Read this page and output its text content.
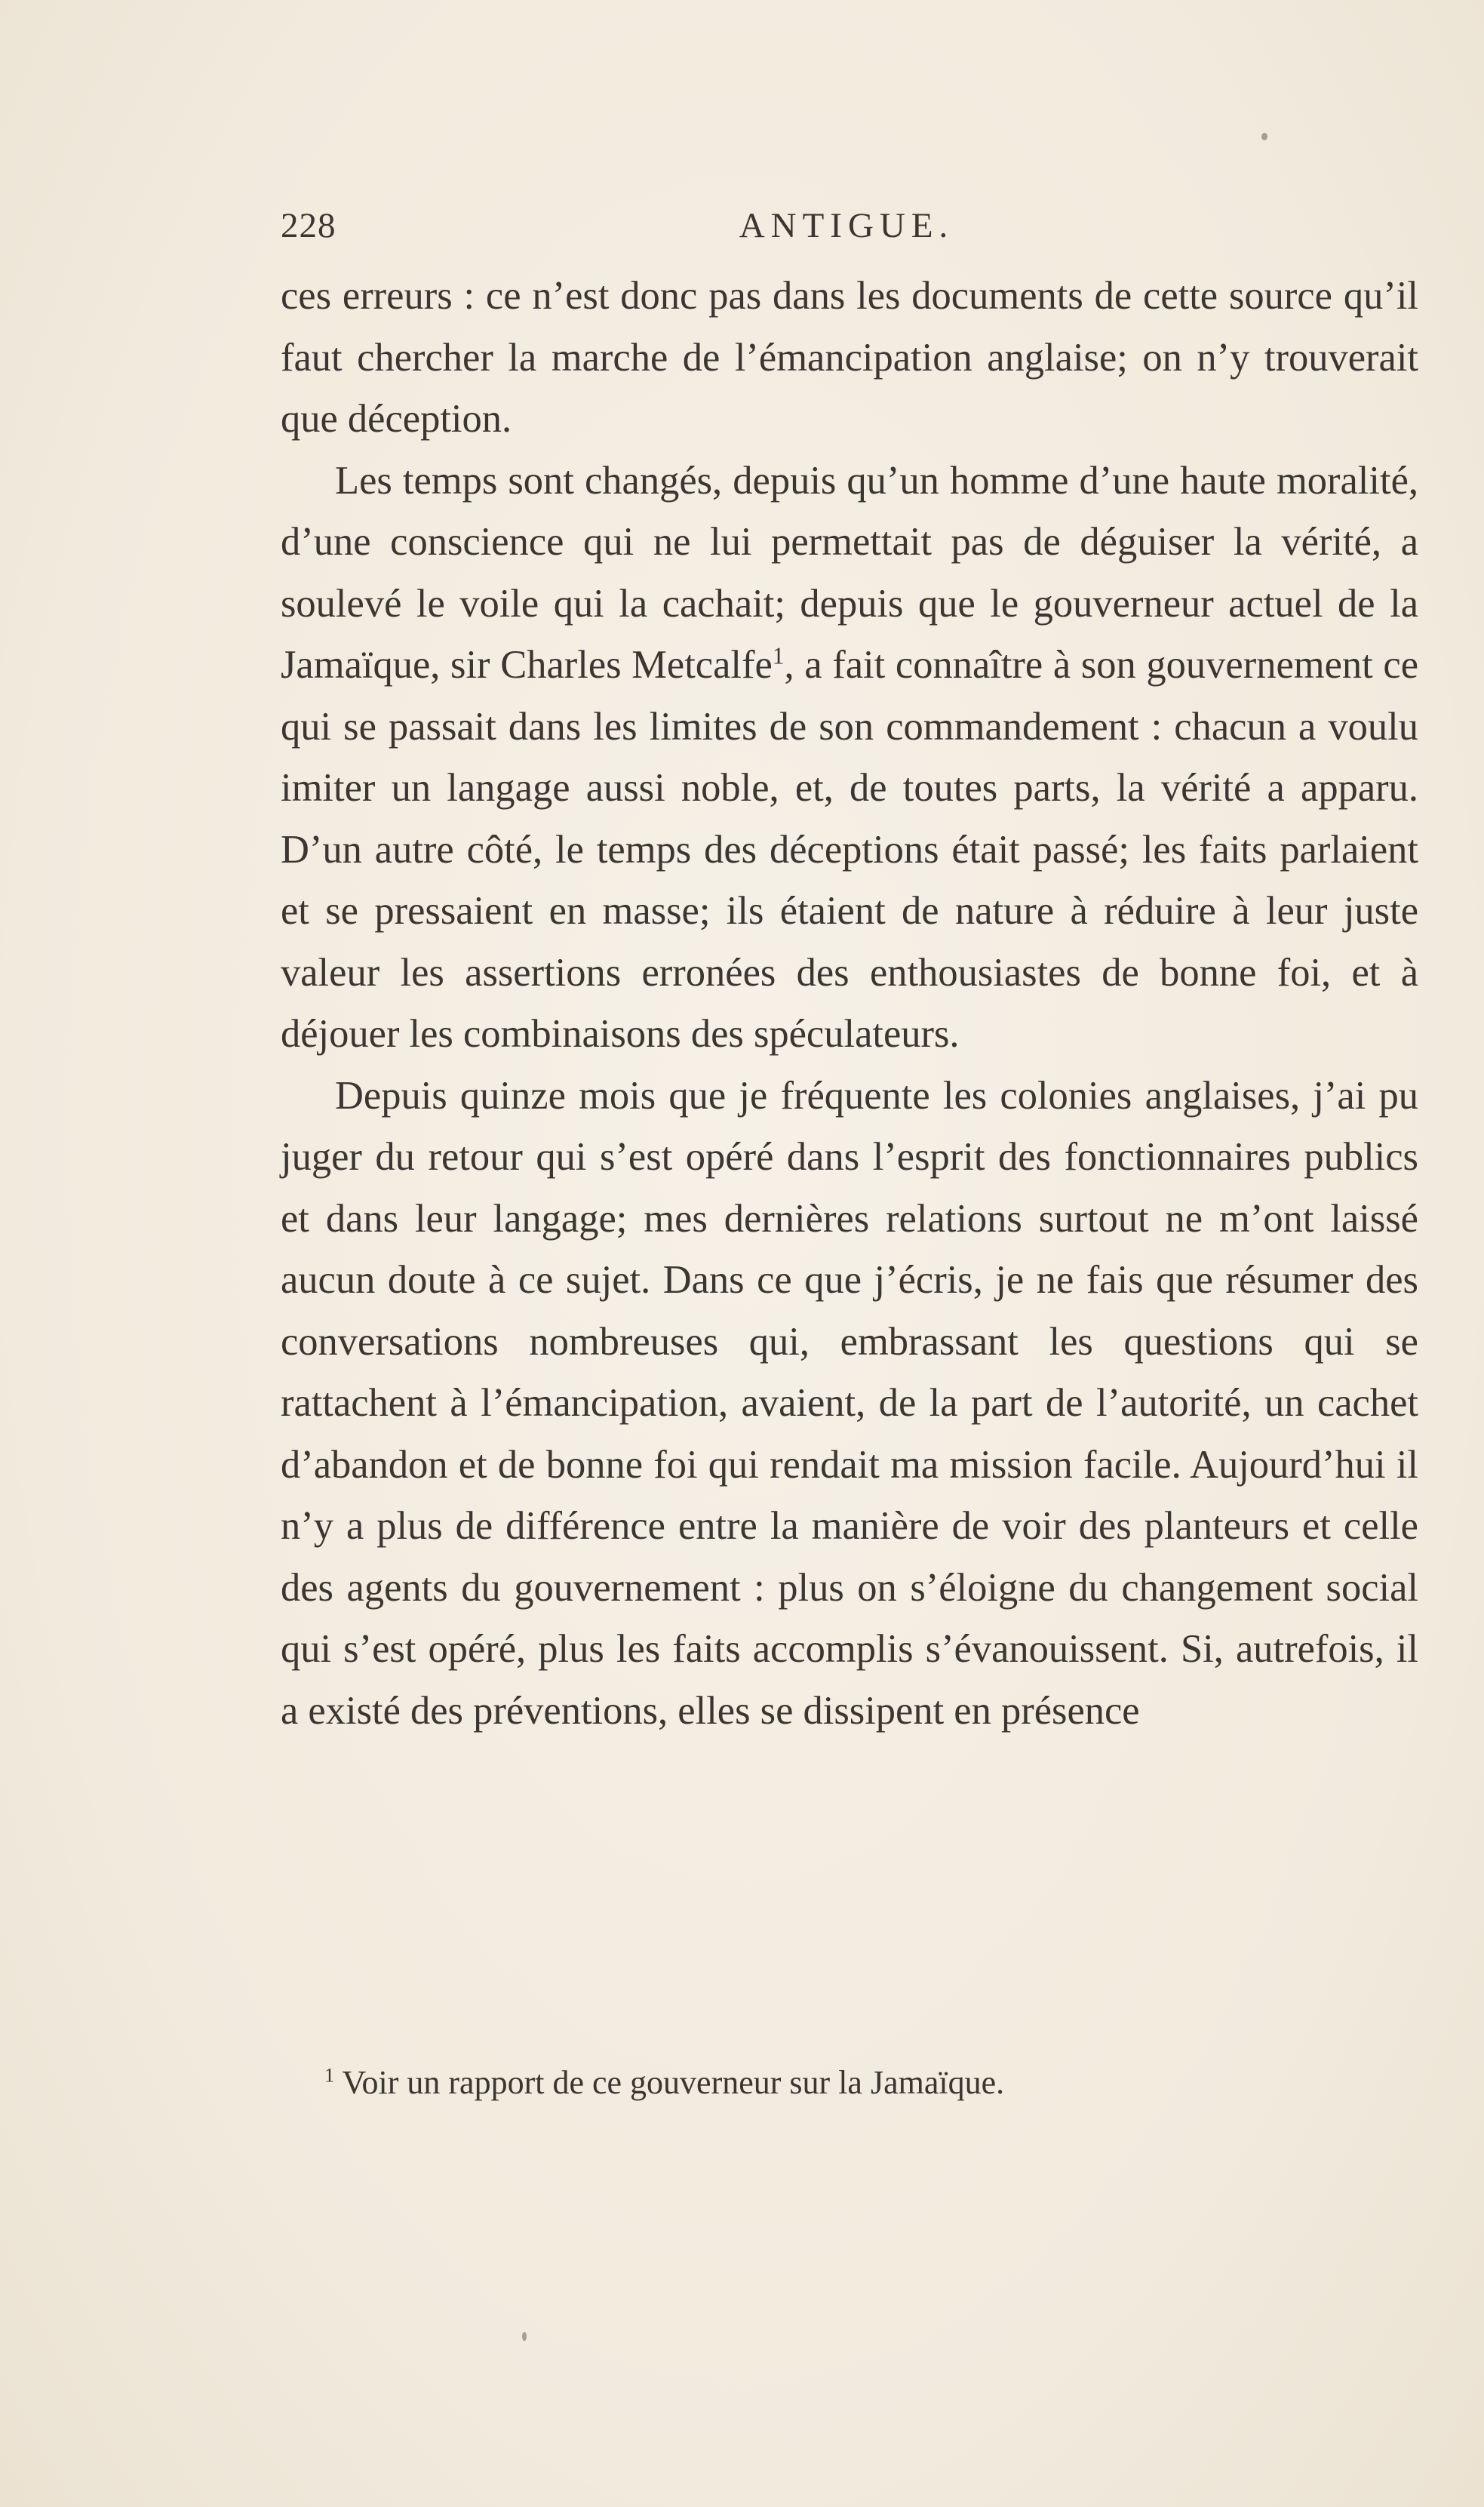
228	ANTIGUE.

ces erreurs : ce n’est donc pas dans les documents de cette source qu’il faut chercher la marche de l’émancipation anglaise; on n’y trouverait que déception.

Les temps sont changés, depuis qu’un homme d’une haute moralité, d’une conscience qui ne lui permettait pas de déguiser la vérité, a soulevé le voile qui la cachait; depuis que le gouverneur actuel de la Jamaïque, sir Charles Metcalfe$^1$, a fait connaître à son gouvernement ce qui se passait dans les limites de son commandement : chacun a voulu imiter un langage aussi noble, et, de toutes parts, la vérité a apparu. D’un autre côté, le temps des déceptions était passé; les faits parlaient et se pressaient en masse; ils étaient de nature à réduire à leur juste valeur les assertions erronées des enthousiastes de bonne foi, et à déjouer les combinaisons des spéculateurs.

Depuis quinze mois que je fréquente les colonies anglaises, j’ai pu juger du retour qui s’est opéré dans l’esprit des fonctionnaires publics et dans leur langage; mes dernières relations surtout ne m’ont laissé aucun doute à ce sujet. Dans ce que j’écris, je ne fais que résumer des conversations nombreuses qui, embrassant les questions qui se rattachent à l’émancipation, avaient, de la part de l’autorité, un cachet d’abandon et de bonne foi qui rendait ma mission facile. Aujourd’hui il n’y a plus de différence entre la manière de voir des planteurs et celle des agents du gouvernement : plus on s’éloigne du changement social qui s’est opéré, plus les faits accomplis s’évanouissent. Si, autrefois, il a existé des préventions, elles se dissipent en présence

$^1$ Voir un rapport de ce gouverneur sur la Jamaïque.
